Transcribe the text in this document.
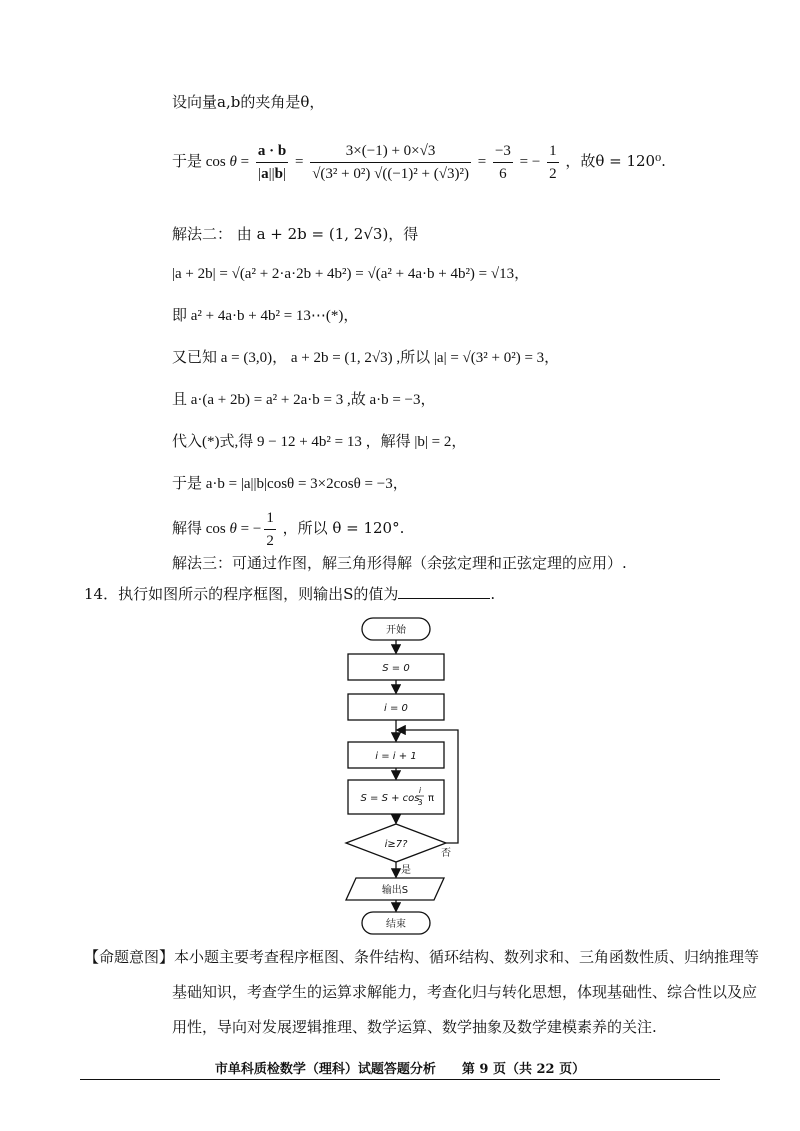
设向量a,b的夹角是θ，
于是 $\cos \theta = \frac{a \cdot b}{|a||b|} = \frac{3\times(-1) + 0\times√3}{\text{√(3² + 0²) √((−1)² + (√3)²)}} = \frac{-3}{6}$ = − $\frac{1}{2}$ ，故θ = 120⁰.
解法二： 由 a + 2b = (1, 2√3)，得
|a + 2b| = √(a² + 2·a·2b + 4b²) = √(a² + 4a·b + 4b²) = √13，
即 a² + 4a·b + 4b² = 13⋯(*)，
又已知 a = (3,0)， a + 2b = (1, 2√3) ,所以 |a| = √(3² + 0²) = 3，
且 a·(a + 2b) = a² + 2a·b = 3 ,故 a·b = −3，
代入(*)式,得 9 − 12 + 4b² = 13 ，解得 |b| = 2，
于是 a·b = |a||b|cosθ = 3×2cosθ = −3，
解得 cos θ = − $\frac{1}{2}$ ，所以 θ = 120°.
解法三：可通过作图，解三角形得解（余弦定理和正弦定理的应用）.
14．执行如图所示的程序框图，则输出S的值为	.
开始
S = 0
i = 0
i = i + 1
S = S + cos
i
3 π
i≥7?
是
否
输出S
结束
【命题意图】本小题主要考查程序框图、条件结构、循环结构、数列求和、三角函数性质、归纳推理等
基础知识，考查学生的运算求解能力，考查化归与转化思想，体现基础性、综合性以及应
用性，导向对发展逻辑推理、数学运算、数学抽象及数学建模素养的关注.
市单科质检数学（理科）试题答题分析　　第 9 页（共 22 页）
